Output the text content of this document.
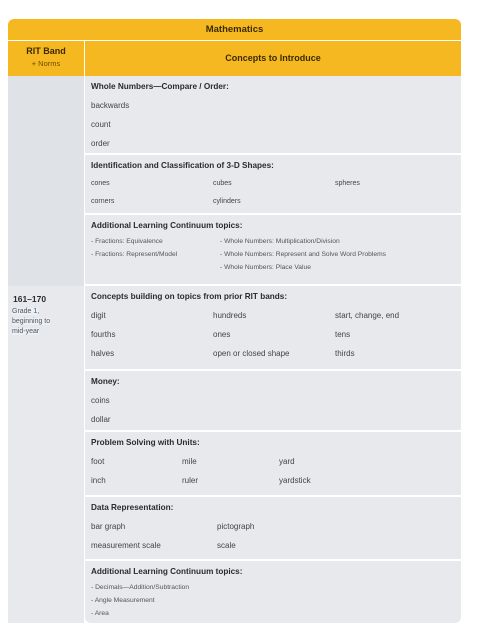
Mathematics
RIT Band
+ Norms
Concepts to Introduce
Whole Numbers—Compare / Order:
backwards
count
order
Identification and Classification of 3-D Shapes:
cones	cubes	spheres
corners	cylinders
Additional Learning Continuum topics:
- Fractions: Equivalence
- Fractions: Represent/Model
- Whole Numbers: Multiplication/Division
- Whole Numbers: Represent and Solve Word Problems
- Whole Numbers: Place Value
161–170
Grade 1,
beginning to
mid-year
Concepts building on topics from prior RIT bands:
digit	hundreds	start, change, end
fourths	ones	tens
halves	open or closed shape	thirds
Money:
coins
dollar
Problem Solving with Units:
foot	mile	yard
inch	ruler	yardstick
Data Representation:
bar graph	pictograph
measurement scale	scale
Additional Learning Continuum topics:
- Decimals—Addition/Subtraction
- Angle Measurement
- Area
